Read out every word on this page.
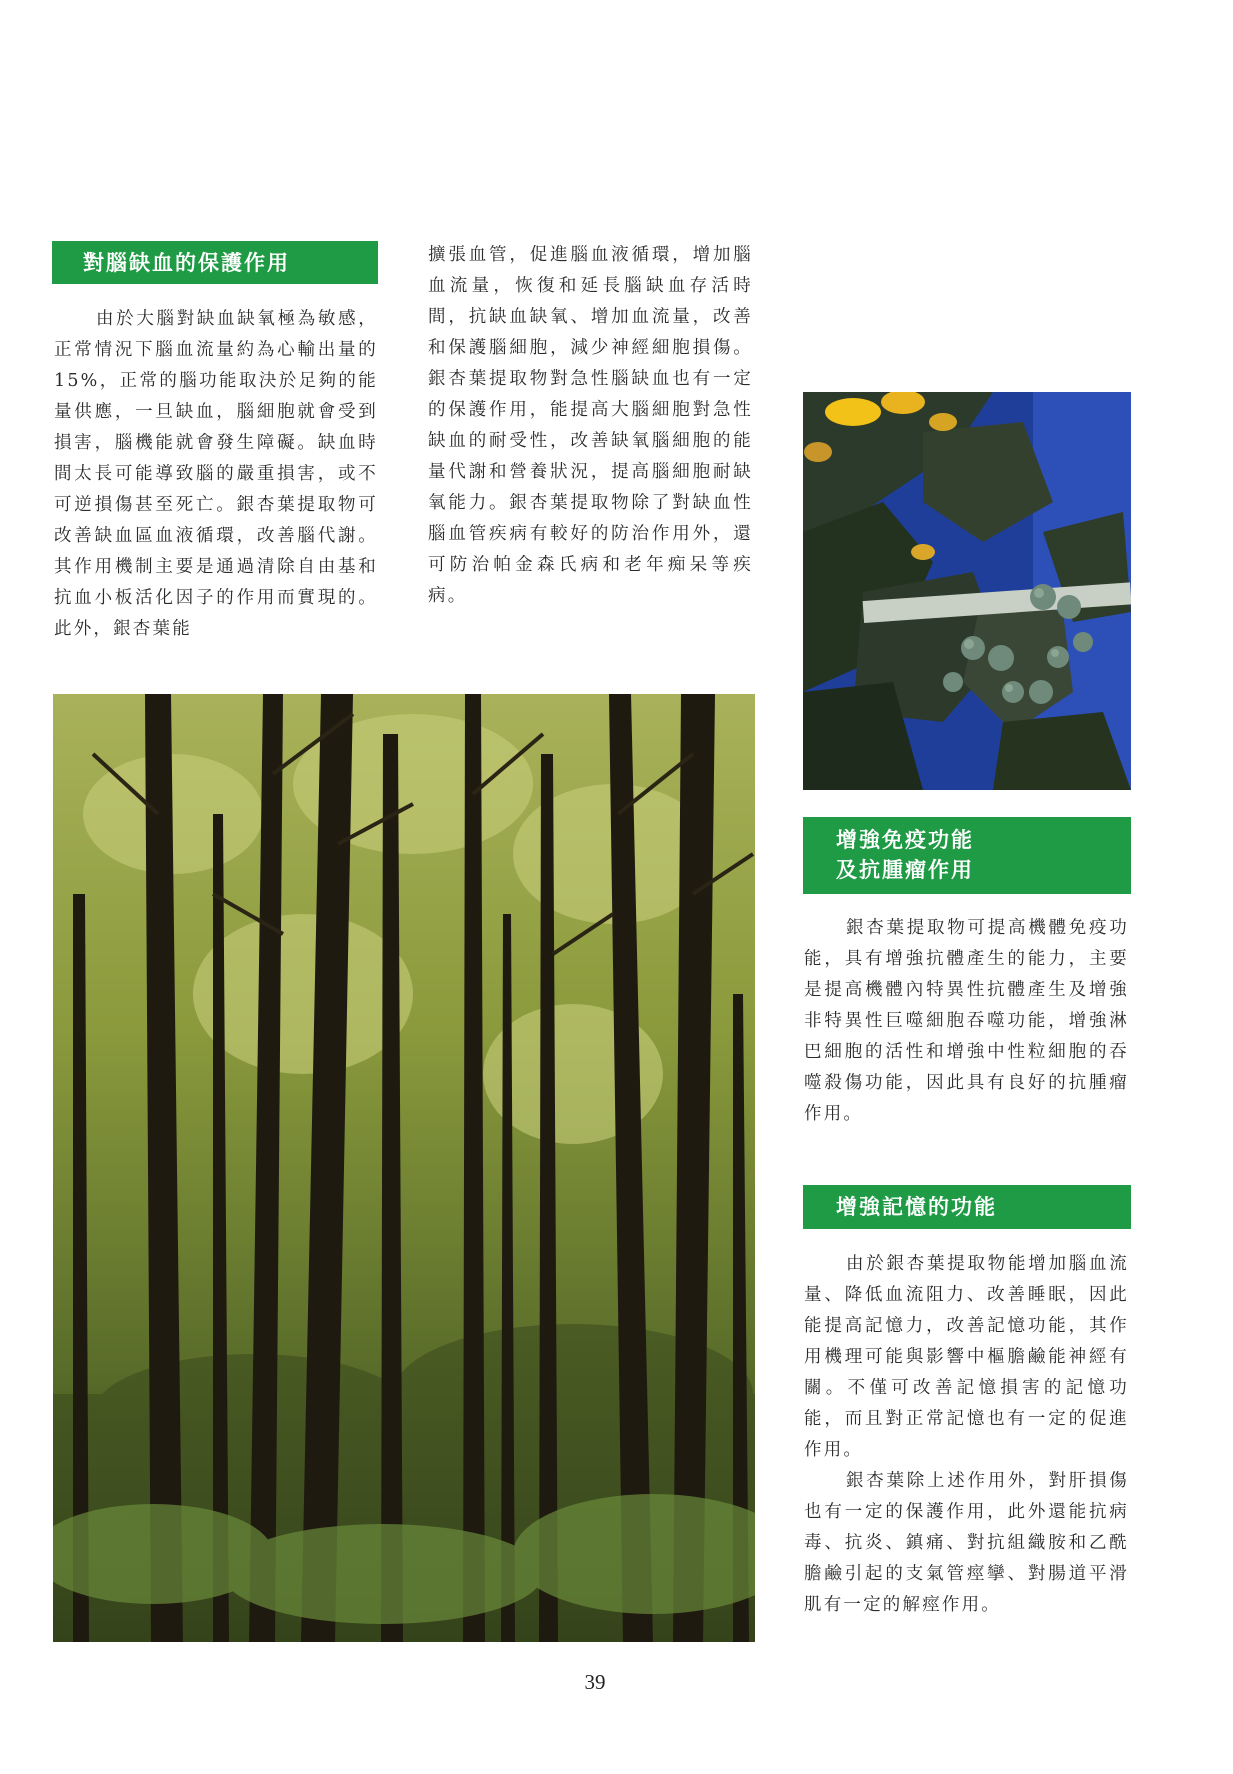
對腦缺血的保護作用

由於大腦對缺血缺氧極為敏感，正常情況下腦血流量約為心輸出量的15%，正常的腦功能取決於足夠的能量供應，一旦缺血，腦細胞就會受到損害，腦機能就會發生障礙。缺血時間太長可能導致腦的嚴重損害，或不可逆損傷甚至死亡。銀杏葉提取物可改善缺血區血液循環，改善腦代謝。其作用機制主要是通過清除自由基和抗血小板活化因子的作用而實現的。此外，銀杏葉能

擴張血管，促進腦血液循環，增加腦血流量，恢復和延長腦缺血存活時間，抗缺血缺氧、增加血流量，改善和保護腦細胞，減少神經細胞損傷。銀杏葉提取物對急性腦缺血也有一定的保護作用，能提高大腦細胞對急性缺血的耐受性，改善缺氧腦細胞的能量代謝和營養狀況，提高腦細胞耐缺氧能力。銀杏葉提取物除了對缺血性腦血管疾病有較好的防治作用外，還可防治帕金森氏病和老年痴呆等疾病。

增強免疫功能
及抗腫瘤作用

銀杏葉提取物可提高機體免疫功能，具有增強抗體產生的能力，主要是提高機體內特異性抗體產生及增強非特異性巨噬細胞吞噬功能，增強淋巴細胞的活性和增強中性粒細胞的吞噬殺傷功能，因此具有良好的抗腫瘤作用。

增強記憶的功能

由於銀杏葉提取物能增加腦血流量、降低血流阻力、改善睡眠，因此能提高記憶力，改善記憶功能，其作用機理可能與影響中樞膽鹼能神經有關。不僅可改善記憶損害的記憶功能，而且對正常記憶也有一定的促進作用。

銀杏葉除上述作用外，對肝損傷也有一定的保護作用，此外還能抗病毒、抗炎、鎮痛、對抗組織胺和乙酰膽鹼引起的支氣管痙攣、對腸道平滑肌有一定的解痙作用。

39
